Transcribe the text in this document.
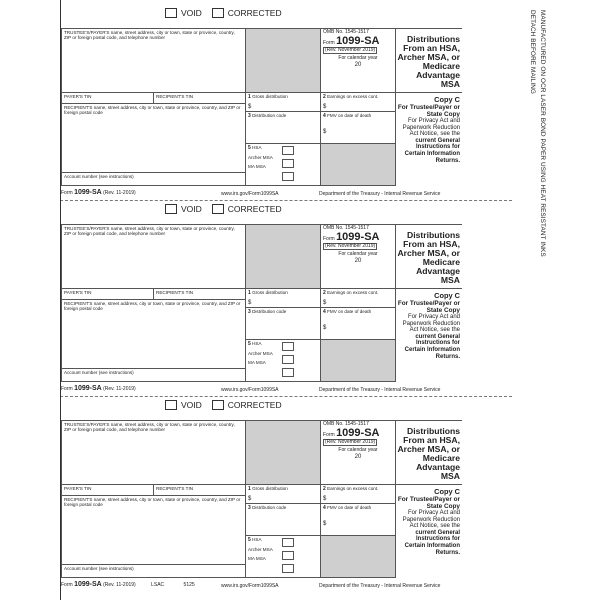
DETACH BEFORE MAILING MANUFACTURED ON OCR LASER BOND PAPER USING HEAT RESISTANT INKS
VOID	CORRECTED
TRUSTEE'S/PAYER'S name, street address, city or town, state or province, country, ZIP or foreign postal code, and telephone number
OMB No. 1545-1517
Form 1099-SA
(Rev. November 2019)
For calendar year
20
Distributions From an HSA, Archer MSA, or Medicare Advantage MSA
PAYER'S TIN	RECIPIENT'S TIN	1 Gross distribution
$
2 Earnings on excess cont.
$
RECIPIENT'S name, street address, city or town, state or province, country, and ZIP or foreign postal code
3 Distribution code	4 FMV on date of death
$
5 HSA
Archer MSA
MA MSA
Account number (see instructions)
Copy C
For Trustee/Payer or State Copy
For Privacy Act and Paperwork Reduction Act Notice, see the
current General Instructions for Certain Information Returns.
Form 1099-SA (Rev. 11-2019)	www.irs.gov/Form1099SA	Department of the Treasury - Internal Revenue Service
VOID	CORRECTED
TRUSTEE'S/PAYER'S name, street address, city or town, state or province, country, ZIP or foreign postal code, and telephone number
OMB No. 1545-1517
Form 1099-SA
(Rev. November 2019)
For calendar year
20
Distributions From an HSA, Archer MSA, or Medicare Advantage MSA
PAYER'S TIN	RECIPIENT'S TIN	1 Gross distribution
$
2 Earnings on excess cont.
$
RECIPIENT'S name, street address, city or town, state or province, country, and ZIP or foreign postal code
3 Distribution code	4 FMV on date of death
$
5 HSA
Archer MSA
MA MSA
Account number (see instructions)
Copy C
For Trustee/Payer or State Copy
For Privacy Act and Paperwork Reduction Act Notice, see the
current General Instructions for Certain Information Returns.
Form 1099-SA (Rev. 11-2019)	www.irs.gov/Form1099SA	Department of the Treasury - Internal Revenue Service
VOID	CORRECTED
TRUSTEE'S/PAYER'S name, street address, city or town, state or province, country, ZIP or foreign postal code, and telephone number
OMB No. 1545-1517
Form 1099-SA
(Rev. November 2019)
For calendar year
20
Distributions From an HSA, Archer MSA, or Medicare Advantage MSA
PAYER'S TIN	RECIPIENT'S TIN	1 Gross distribution
$
2 Earnings on excess cont.
$
RECIPIENT'S name, street address, city or town, state or province, country, and ZIP or foreign postal code
3 Distribution code	4 FMV on date of death
$
5 HSA
Archer MSA
MA MSA
Account number (see instructions)
Copy C
For Trustee/Payer or State Copy
For Privacy Act and Paperwork Reduction Act Notice, see the
current General Instructions for Certain Information Returns.
Form 1099-SA (Rev. 11-2019)	LSAC	5125	www.irs.gov/Form1099SA	Department of the Treasury - Internal Revenue Service
